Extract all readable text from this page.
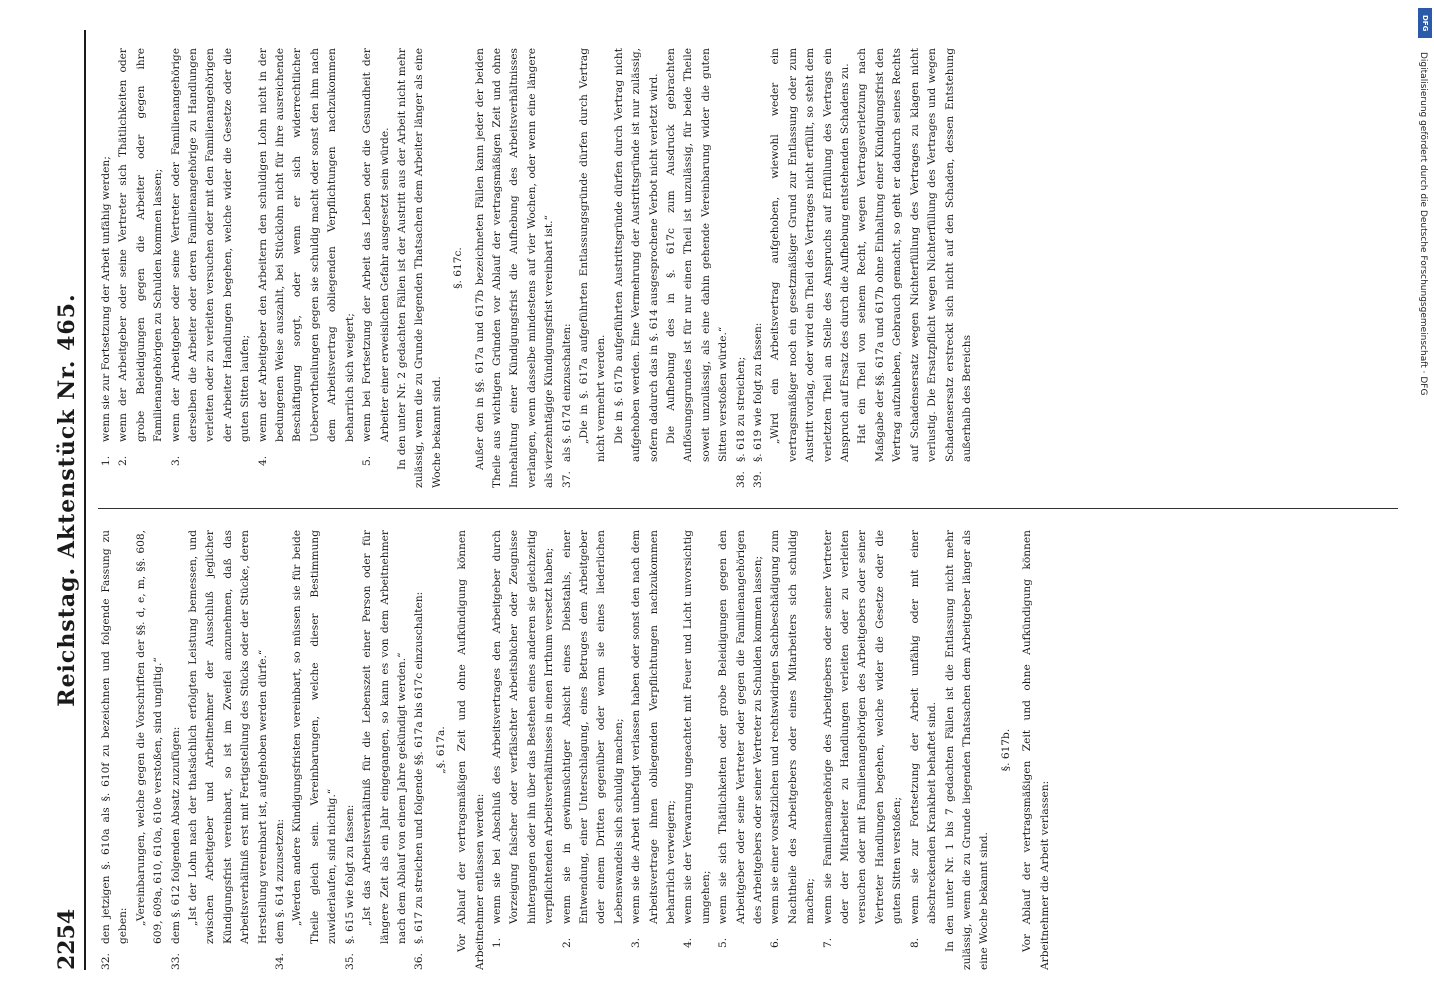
2254
Reichstag. Aktenstück Nr. 465.
32.
den jetzigen §. 610a als §. 610f zu bezeichnen und folgende Fassung zu geben: „Vereinbarungen, welche gegen die Vorschriften der §§. d, e, m, §§. 608, 609, 609a, 610, 610a, 610e verstoßen, sind ungiltig.“

33.
dem §. 612 folgenden Absatz zuzufügen: „Ist der Lohn nach der thatsächlich erfolgten Leistung bemessen, und zwischen Arbeitgeber und Arbeitnehmer der Ausschluß jeglicher Kündigungsfrist vereinbart, so ist im Zweifel anzunehmen, daß das Arbeitsverhältniß erst mit Fertigstellung des Stücks oder der Stücke, deren Herstellung vereinbart ist, aufgehoben werden dürfe.“

34.
dem §. 614 zuzusetzen: „Werden andere Kündigungsfristen vereinbart, so müssen sie für beide Theile gleich sein. Vereinbarungen, welche dieser Bestimmung zuwiderlaufen, sind nichtig.“

35.
§. 615 wie folgt zu fassen: „Ist das Arbeitsverhältniß für die Lebenszeit einer Person oder für längere Zeit als ein Jahr eingegangen, so kann es von dem Arbeitnehmer nach dem Ablauf von einem Jahre gekündigt werden.“

36.
§. 617 zu streichen und folgende §§. 617a bis 617c einzuschalten: „§. 617a. Vor Ablauf der vertragsmäßigen Zeit und ohne Aufkündigung können Arbeitnehmer entlassen werden: 1.
wenn sie bei Abschluß des Arbeitsvertrages den Arbeitgeber durch Vorzeigung falscher oder verfälschter Arbeitsbücher oder Zeugnisse hintergangen oder ihn über das Bestehen eines anderen sie gleichzeitig verpflichtenden Arbeitsverhältnisses in einen Irrthum versetzt haben;
2.
wenn sie in gewinnsüchtiger Absicht eines Diebstahls, einer Entwendung, einer Unterschlagung, eines Betruges dem Arbeitgeber oder einem Dritten gegenüber oder wenn sie eines liederlichen Lebenswandels sich schuldig machen;
3.
wenn sie die Arbeit unbefugt verlassen haben oder sonst den nach dem Arbeitsvertrage ihnen obliegenden Verpflichtungen nachzukommen beharrlich verweigern;
4.
wenn sie der Verwarnung ungeachtet mit Feuer und Licht unvorsichtig umgehen;
5.
wenn sie sich Thätlichkeiten oder grobe Beleidigungen gegen den Arbeitgeber oder seine Vertreter oder gegen die Familienangehörigen des Arbeitgebers oder seiner Vertreter zu Schulden kommen lassen;
6.
wenn sie einer vorsätzlichen und rechtswidrigen Sachbeschädigung zum Nachtheile des Arbeitgebers oder eines Mitarbeiters sich schuldig machen;
7.
wenn sie Familienangehörige des Arbeitgebers oder seiner Vertreter oder der Mitarbeiter zu Handlungen verleiten oder zu verleiten versuchen oder mit Familienangehörigen des Arbeitgebers oder seiner Vertreter Handlungen begehen, welche wider die Gesetze oder die guten Sitten verstoßen;
8.
wenn sie zur Fortsetzung der Arbeit unfähig oder mit einer abschreckenden Krankheit behaftet sind. In den unter Nr. 1 bis 7 gedachten Fällen ist die Entlassung nicht mehr zulässig, wenn die zu Grunde liegenden Thatsachen dem Arbeitgeber länger als eine Woche bekannt sind.

§. 617b. Vor Ablauf der vertragsmäßigen Zeit und ohne Aufkündigung können Arbeitnehmer die Arbeit verlassen:

1.
wenn sie zur Fortsetzung der Arbeit unfähig werden;
2.
wenn der Arbeitgeber oder seine Vertreter sich Thätlichkeiten oder grobe Beleidigungen gegen die Arbeiter oder gegen ihre Familienangehörigen zu Schulden kommen lassen;
3.
wenn der Arbeitgeber oder seine Vertreter oder Familienangehörige derselben die Arbeiter oder deren Familienangehörige zu Handlungen verleiten oder zu verleiten versuchen oder mit den Familienangehörigen der Arbeiter Handlungen begehen, welche wider die Gesetze oder die guten Sitten laufen;
4.
wenn der Arbeitgeber den Arbeitern den schuldigen Lohn nicht in der bedungenen Weise auszahlt, bei Stücklohn nicht für ihre ausreichende Beschäftigung sorgt, oder wenn er sich widerrechtlicher Uebervortheilungen gegen sie schuldig macht oder sonst den ihm nach dem Arbeitsvertrag obliegenden Verpflichtungen nachzukommen beharrlich sich weigert;
5.
wenn bei Fortsetzung der Arbeit das Leben oder die Gesundheit der Arbeiter einer erweislichen Gefahr ausgesetzt sein würde. In den unter Nr. 2 gedachten Fällen ist der Austritt aus der Arbeit nicht mehr zulässig, wenn die zu Grunde liegenden Thatsachen dem Arbeiter länger als eine Woche bekannt sind.

§. 617c. Außer den in §§. 617a und 617b bezeichneten Fällen kann jeder der beiden Theile aus wichtigen Gründen vor Ablauf der vertragsmäßigen Zeit und ohne Innehaltung einer Kündigungsfrist die Aufhebung des Arbeitsverhältnisses verlangen, wenn dasselbe mindestens auf vier Wochen, oder wenn eine längere als vierzehntägige Kündigungsfrist vereinbart ist.“ 37.
als §. 617d einzuschalten: „Die in §. 617a aufgeführten Entlassungsgründe dürfen durch Vertrag nicht vermehrt werden. Die in §. 617b aufgeführten Austrittsgründe dürfen durch Vertrag nicht aufgehoben werden. Eine Vermehrung der Austrittsgründe ist nur zulässig, sofern dadurch das in §. 614 ausgesprochene Verbot nicht verletzt wird. Die Aufhebung des in §. 617c zum Ausdruck gebrachten Auflösungsgrundes ist für nur einen Theil ist unzulässig, für beide Theile soweit unzulässig, als eine dahin gehende Vereinbarung wider die guten Sitten verstoßen würde.“

38.
§. 618 zu streichen;
39.
§. 619 wie folgt zu fassen: „Wird ein Arbeitsvertrag aufgehoben, wiewohl weder ein vertragsmäßiger noch ein gesetzmäßiger Grund zur Entlassung oder zum Austritt vorlag, oder wird ein Theil des Vertrages nicht erfüllt, so steht dem verletzten Theil an Stelle des Anspruchs auf Erfüllung des Vertrags ein Anspruch auf Ersatz des durch die Aufhebung entstehenden Schadens zu. Hat ein Theil von seinem Recht, wegen Vertragsverletzung nach Maßgabe der §§. 617a und 617b ohne Einhaltung einer Kündigungsfrist den Vertrag aufzuheben, Gebrauch gemacht, so geht er dadurch seines Rechts auf Schadensersatz wegen Nichterfüllung des Vertrages zu klagen nicht verlustig. Die Ersatzpflicht wegen Nichterfüllung des Vertrages und wegen Schadensersatz erstreckt sich nicht auf den Schaden, dessen Entstehung außerhalb des Bereichs

DFG
Digitalisierung gefördert durch die Deutsche Forschungsgemeinschaft · DFG
